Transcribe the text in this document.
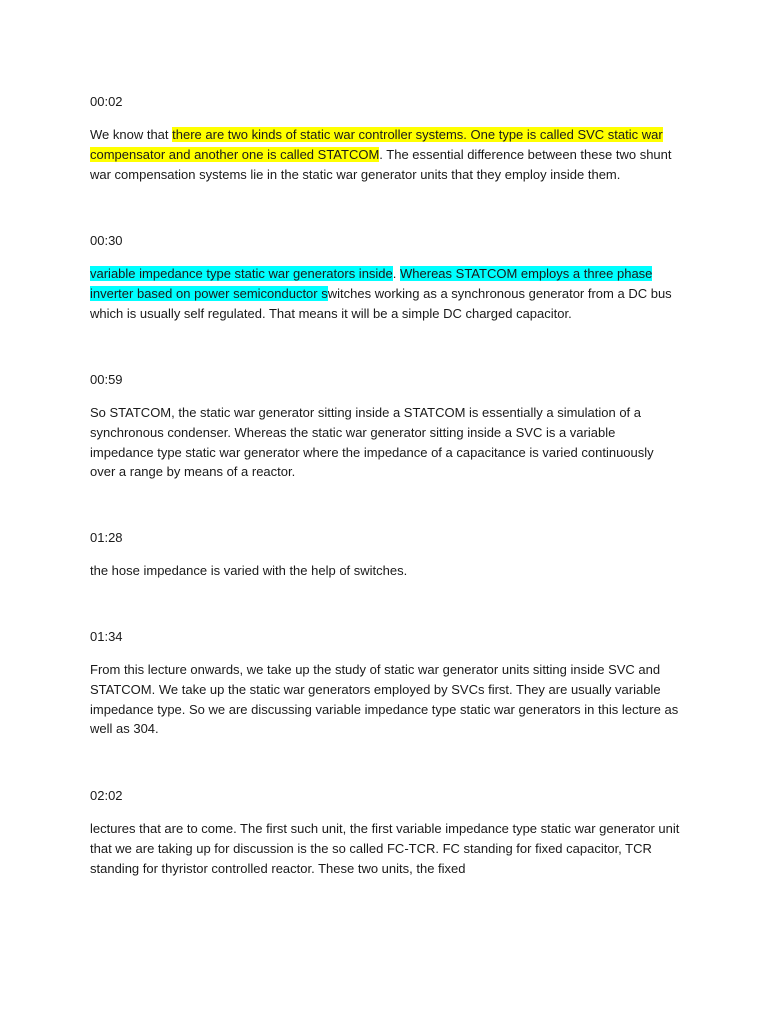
00:02

We know that there are two kinds of static war controller systems. One type is called SVC static war compensator and another one is called STATCOM. The essential difference between these two shunt war compensation systems lie in the static war generator units that they employ inside them.

00:30

variable impedance type static war generators inside. Whereas STATCOM employs a three phase inverter based on power semiconductor switches working as a synchronous generator from a DC bus which is usually self regulated. That means it will be a simple DC charged capacitor.

00:59

So STATCOM, the static war generator sitting inside a STATCOM is essentially a simulation of a synchronous condenser. Whereas the static war generator sitting inside a SVC is a variable impedance type static war generator where the impedance of a capacitance is varied continuously over a range by means of a reactor.

01:28

the hose impedance is varied with the help of switches.

01:34

From this lecture onwards, we take up the study of static war generator units sitting inside SVC and STATCOM. We take up the static war generators employed by SVCs first. They are usually variable impedance type. So we are discussing variable impedance type static war generators in this lecture as well as 304.

02:02

lectures that are to come. The first such unit, the first variable impedance type static war generator unit that we are taking up for discussion is the so called FC-TCR. FC standing for fixed capacitor, TCR standing for thyristor controlled reactor. These two units, the fixed
